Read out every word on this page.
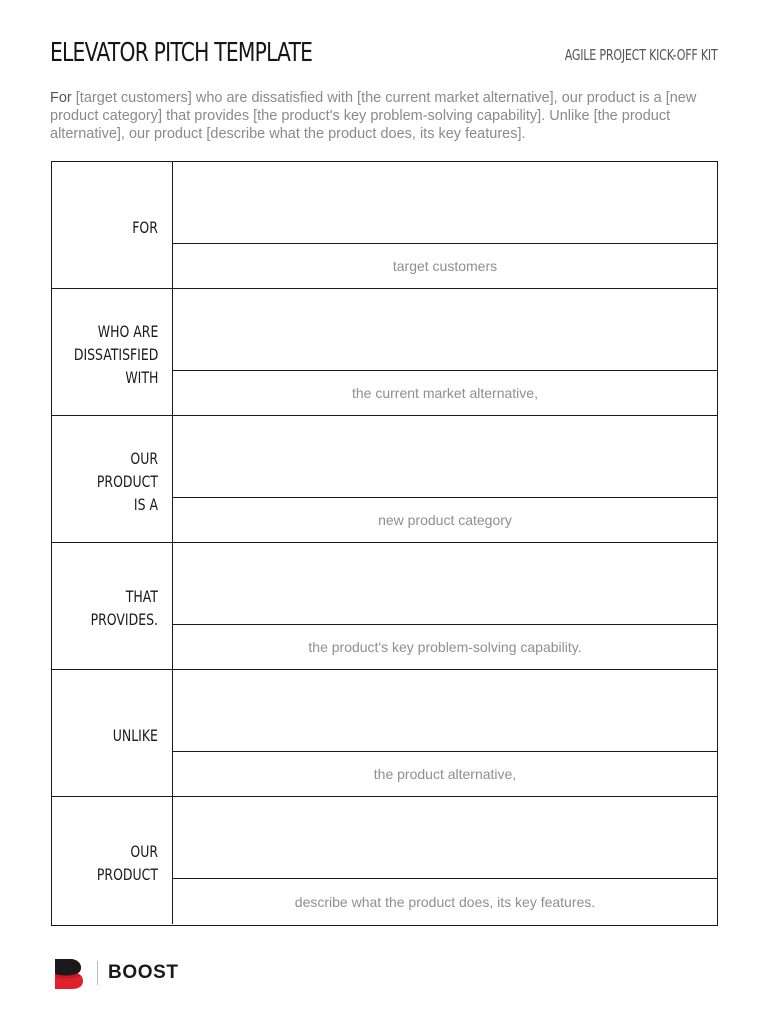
ELEVATOR PITCH TEMPLATE	AGILE PROJECT KICK-OFF KIT

For [target customers] who are dissatisfied with [the current market alternative], our product is a [new product category] that provides [the product's key problem-solving capability]. Unlike [the product alternative], our product [describe what the product does, its key features].

FOR
target customers
WHO ARE
DISSATISFIED
WITH
the current market alternative,
OUR PRODUCT
IS A
new product category
THAT PROVIDES.
the product's key problem-solving capability.
UNLIKE
the product alternative,
OUR PRODUCT
describe what the product does, its key features.
BOOST
